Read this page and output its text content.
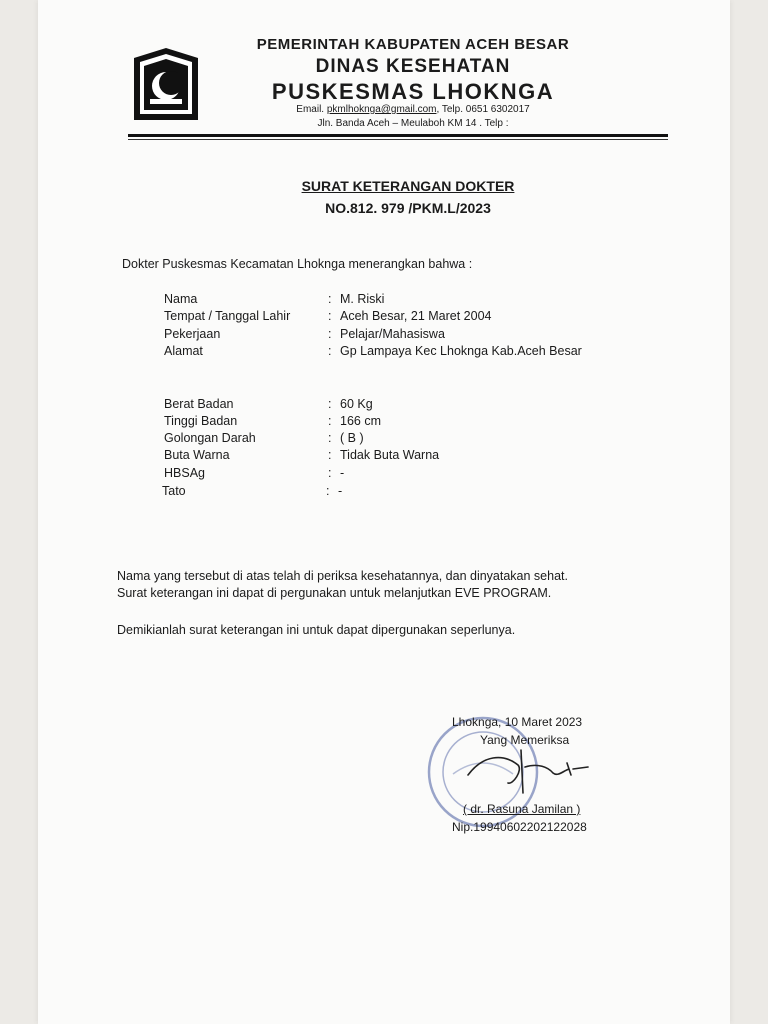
PEMERINTAH KABUPATEN ACEH BESAR
DINAS KESEHATAN
PUSKESMAS LHOKNGA
Email. pkmlhoknga@gmail.com, Telp. 0651 6302017
Jln. Banda Aceh – Meulaboh KM 14 . Telp :
SURAT KETERANGAN DOKTER
NO.812. 979 /PKM.L/2023
Dokter Puskesmas Kecamatan Lhoknga menerangkan bahwa :
Nama	: M. Riski
Tempat / Tanggal Lahir	: Aceh Besar, 21 Maret 2004
Pekerjaan	: Pelajar/Mahasiswa
Alamat	: Gp Lampaya Kec Lhoknga Kab.Aceh Besar
Berat Badan	: 60 Kg
Tinggi Badan	: 166 cm
Golongan Darah	: ( B )
Buta Warna	: Tidak Buta Warna
HBSAg	: -
Tato	: -
Nama yang tersebut di atas telah di periksa kesehatannya, dan dinyatakan sehat.
Surat keterangan ini dapat di pergunakan untuk melanjutkan EVE PROGRAM.
Demikianlah surat keterangan ini untuk dapat dipergunakan seperlunya.
Lhoknga, 10 Maret 2023
Yang Memeriksa
( dr. Rasuna Jamilan )
Nip.19940602202122028
